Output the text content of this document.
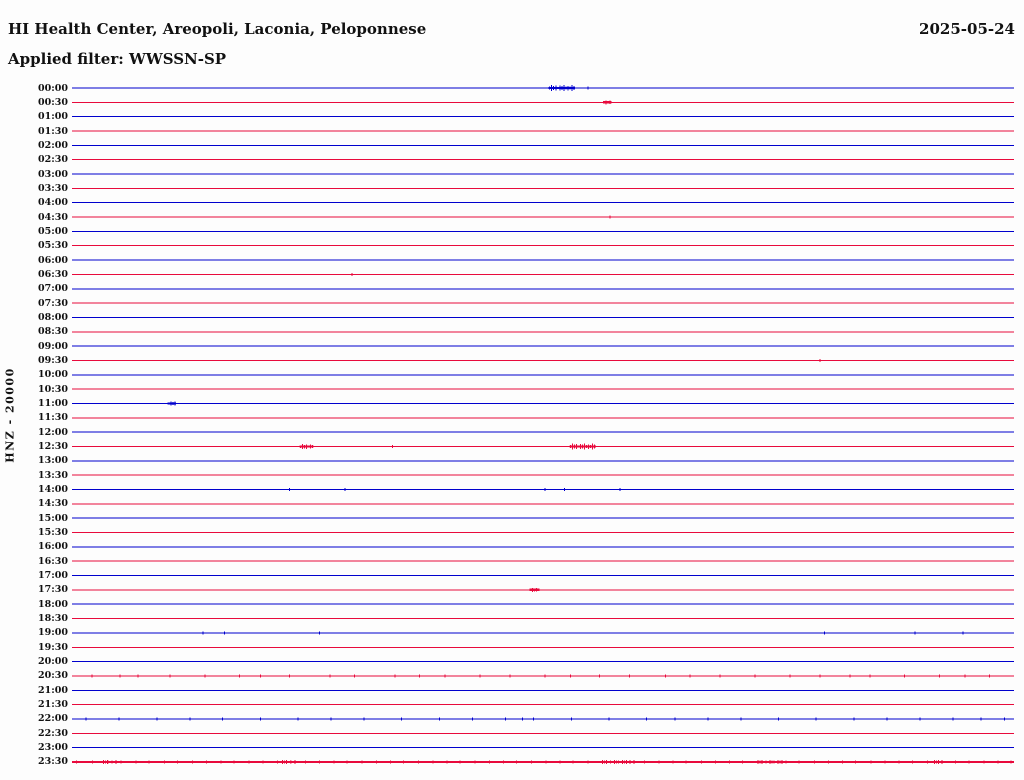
HI Health Center, Areopoli, Laconia, Peloponnese	2025-05-24
Applied filter: WWSSN-SP
HNZ - 20000
00:00
00:30
01:00
01:30
02:00
02:30
03:00
03:30
04:00
04:30
05:00
05:30
06:00
06:30
07:00
07:30
08:00
08:30
09:00
09:30
10:00
10:30
11:00
11:30
12:00
12:30
13:00
13:30
14:00
14:30
15:00
15:30
16:00
16:30
17:00
17:30
18:00
18:30
19:00
19:30
20:00
20:30
21:00
21:30
22:00
22:30
23:00
23:30
